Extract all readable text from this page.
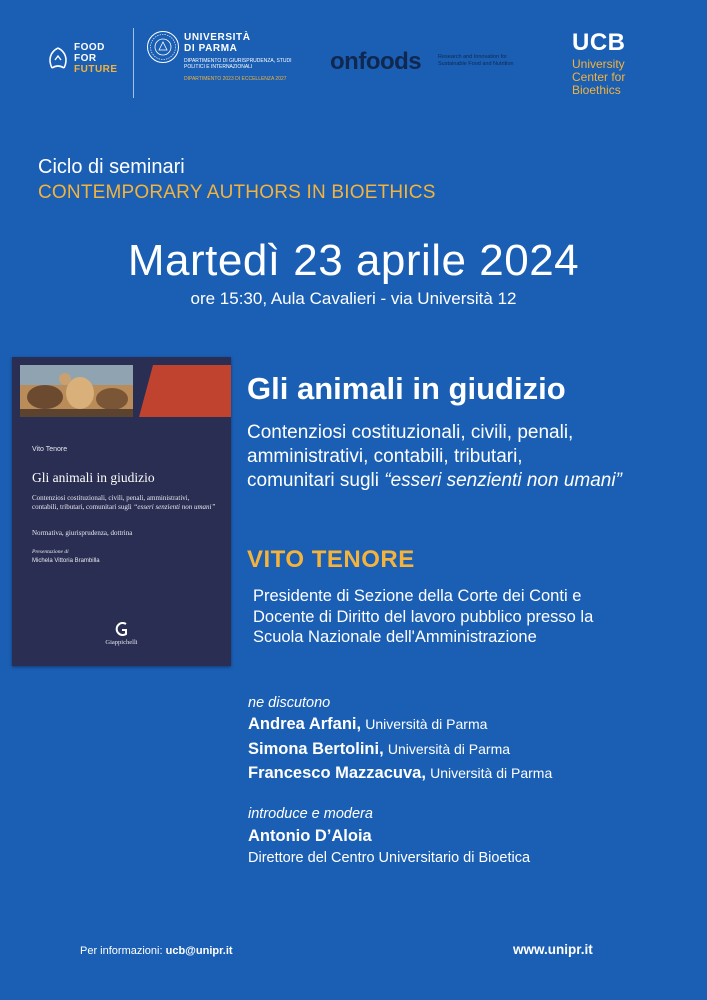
FOOD
FOR
FUTURE
UNIVERSITÀ
DI PARMA
DIPARTIMENTO DI GIURISPRUDENZA, STUDI POLITICI E INTERNAZIONALI
DIPARTIMENTO 2023 DI ECCELLENZA 2027
onfoods	Research and Innovation for Sustainable Food and Nutrition
UCB
University
Center for
Bioethics
Ciclo di seminari
CONTEMPORARY AUTHORS IN BIOETHICS
Martedì 23 aprile 2024
ore 15:30, Aula Cavalieri - via Università 12
Vito Tenore
Gli animali in giudizio
Contenziosi costituzionali, civili, penali, amministrativi, contabili, tributari, comunitari sugli “esseri senzienti non umani”
Normativa, giurisprudenza, dottrina
Presentazione di
Michela Vittoria Brambilla
Giappichelli
Gli animali in giudizio
Contenziosi costituzionali, civili, penali,
amministrativi, contabili, tributari,
comunitari sugli “esseri senzienti non umani”
VITO TENORE
Presidente di Sezione della Corte dei Conti e
Docente di Diritto del lavoro pubblico presso la
Scuola Nazionale dell'Amministrazione
ne discutono
Andrea Arfani, Università di Parma
Simona Bertolini, Università di Parma
Francesco Mazzacuva, Università di Parma
introduce e modera
Antonio D’Aloia
Direttore del Centro Universitario di Bioetica
Per informazioni: ucb@unipr.it	www.unipr.it
